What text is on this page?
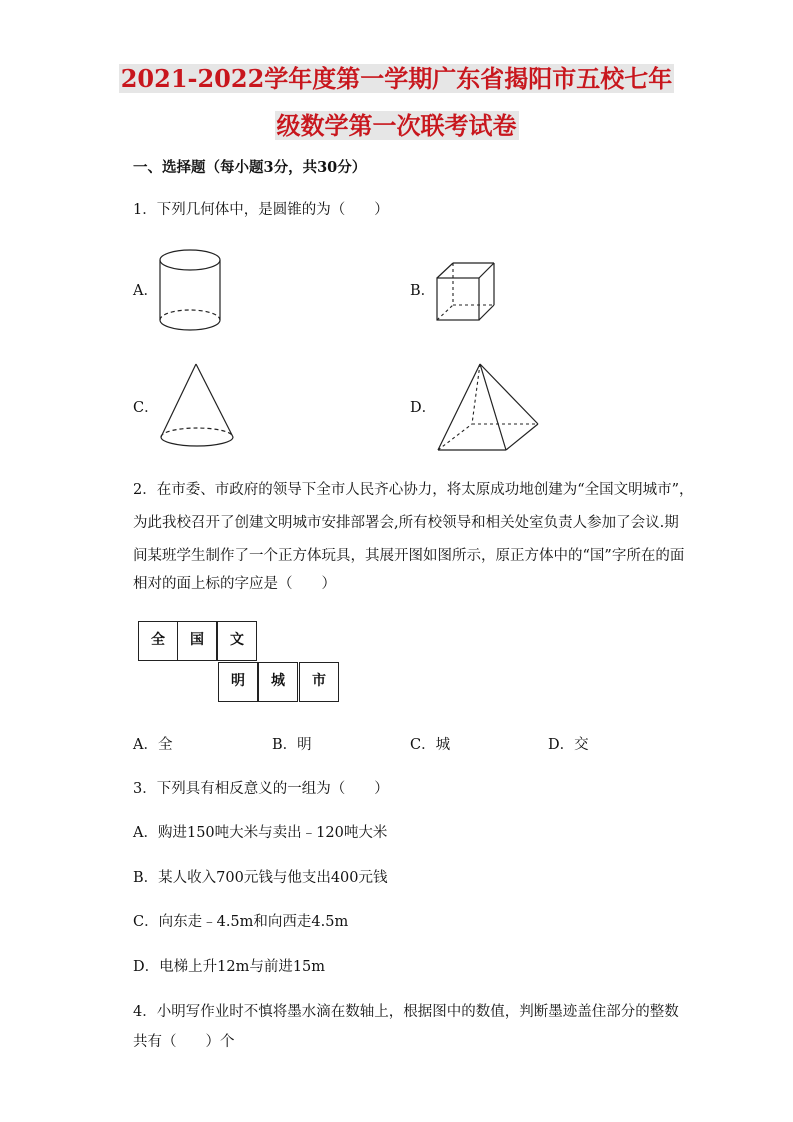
2021-2022学年度第一学期广东省揭阳市五校七年
级数学第一次联考试卷
一、选择题（每小题3分，共30分）
1．下列几何体中，是圆锥的为（　　）
A．	B．
C．	D．
2．在市委、市政府的领导下全市人民齐心协力，将太原成功地创建为“全国文明城市”，
为此我校召开了创建文明城市安排部署会,所有校领导和相关处室负责人参加了会议.期
间某班学生制作了一个正方体玩具，其展开图如图所示，原正方体中的“国”字所在的面
相对的面上标的字应是（　　）
全	国	文
明	城	市
A．全	B．明	C．城	D．交
3．下列具有相反意义的一组为（　　）
A．购进150吨大米与卖出﹣120吨大米
B．某人收入700元钱与他支出400元钱
C．向东走﹣4.5m和向西走4.5m
D．电梯上升12m与前进15m
4．小明写作业时不慎将墨水滴在数轴上，根据图中的数值，判断墨迹盖住部分的整数
共有（　　）个
